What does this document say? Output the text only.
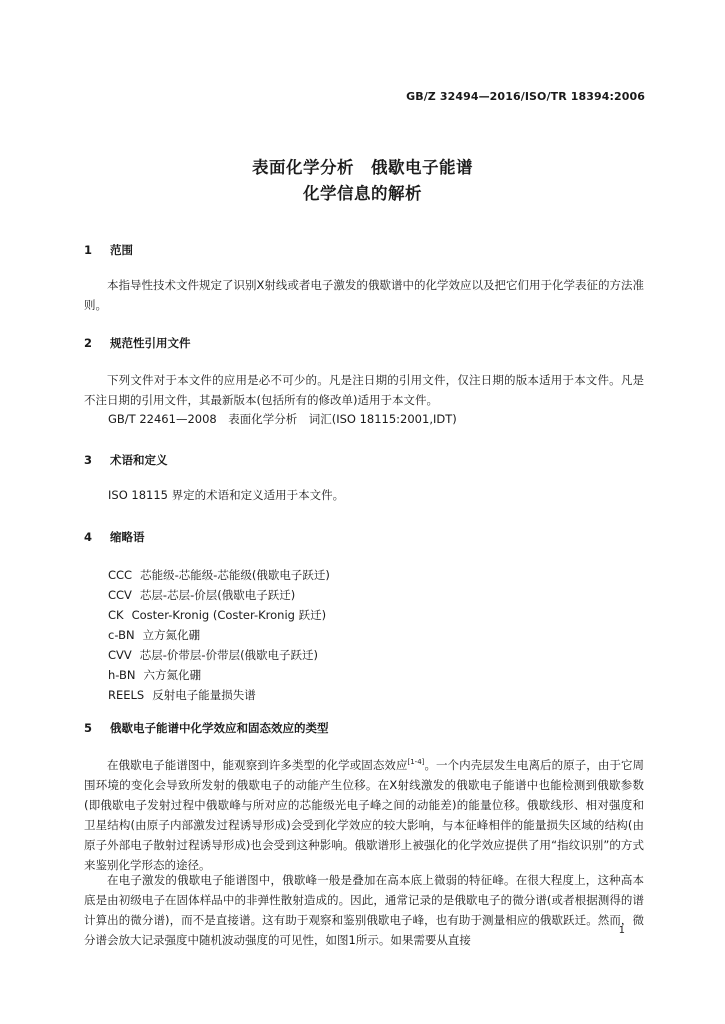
GB/Z 32494—2016/ISO/TR 18394:2006
表面化学分析　俄歇电子能谱
化学信息的解析
1 范围

本指导性技术文件规定了识别X射线或者电子激发的俄歇谱中的化学效应以及把它们用于化学表征的方法准则。

2 规范性引用文件

下列文件对于本文件的应用是必不可少的。凡是注日期的引用文件，仅注日期的版本适用于本文件。凡是不注日期的引用文件，其最新版本(包括所有的修改单)适用于本文件。

GB/T 22461—2008　表面化学分析　词汇(ISO 18115:2001,IDT)
3 术语和定义
ISO 18115 界定的术语和定义适用于本文件。
4 缩略语
CCC 芯能级-芯能级-芯能级(俄歇电子跃迁)
CCV 芯层-芯层-价层(俄歇电子跃迁)
CK Coster-Kronig (Coster-Kronig 跃迁)
c-BN 立方氮化硼
CVV 芯层-价带层-价带层(俄歇电子跃迁)
h-BN 六方氮化硼
REELS 反射电子能量损失谱
5 俄歇电子能谱中化学效应和固态效应的类型

在俄歇电子能谱图中，能观察到许多类型的化学或固态效应[1-4]。一个内壳层发生电离后的原子，由于它周围环境的变化会导致所发射的俄歇电子的动能产生位移。在X射线激发的俄歇电子能谱中也能检测到俄歇参数(即俄歇电子发射过程中俄歇峰与所对应的芯能级光电子峰之间的动能差)的能量位移。俄歇线形、相对强度和卫星结构(由原子内部激发过程诱导形成)会受到化学效应的较大影响，与本征峰相伴的能量损失区域的结构(由原子外部电子散射过程诱导形成)也会受到这种影响。俄歇谱形上被强化的化学效应提供了用“指纹识别”的方式来鉴别化学形态的途径。

在电子激发的俄歇电子能谱图中，俄歇峰一般是叠加在高本底上微弱的特征峰。在很大程度上，这种高本底是由初级电子在固体样品中的非弹性散射造成的。因此，通常记录的是俄歇电子的微分谱(或者根据测得的谱计算出的微分谱)，而不是直接谱。这有助于观察和鉴别俄歇电子峰，也有助于测量相应的俄歇跃迁。然而，微分谱会放大记录强度中随机波动强度的可见性，如图1所示。如果需要从直接

1
